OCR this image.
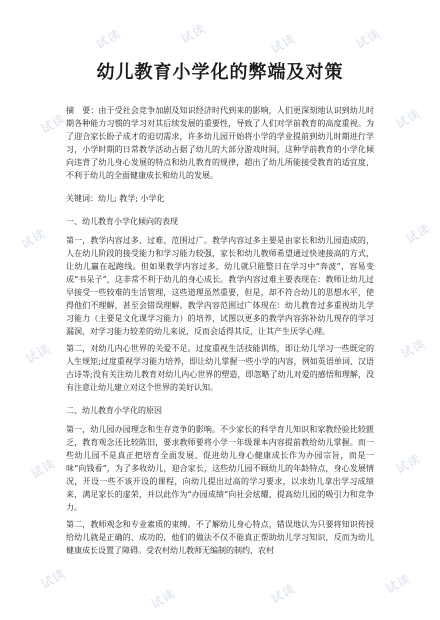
试读	试读	试读	试读
试读	试读
试读	试读
试读	试读
试读	试读
试读
试读	试读	试读
幼儿教育小学化的弊端及对策

摘　要：由于受社会竞争加剧及知识经济时代到来的影响，人们更深刻地认识到幼儿时期各种能力习惯的学习对其后续发展的重要性，导致了人们对学前教育的高度重视。为了迎合家长盼子成才的迫切需求，许多幼儿园开始将小学的学业提前到幼儿时期进行学习，小学时期的日常教学活动占据了幼儿的大部分游戏时间，这种学前教育的小学化倾向违背了幼儿身心发展的特点和幼儿教育的规律，超出了幼儿所能接受教育的适宜度，不利于幼儿的全面健康成长和幼儿的发展。

关键词：幼儿; 教学; 小学化

一、幼儿教育小学化倾向的表现

第一，教学内容过多、过难、范围过广。教学内容过多主要是由家长和幼儿园造成的，人在幼儿阶段的接受能力和学习能力较强，家长和幼儿教师希望通过快速接高的方式，让幼儿赢在起跑线。但如果教学内容过多，幼儿就只能整日在学习中“奔波”，容易变成“书呆子”，这非常不利于幼儿的身心成长。教学内容过难主要表现在：教师让幼儿过早接受一些较难的生活管理，这些道理虽然重要，但是，却不符合幼儿的思想水平，使得他们不理解，甚至会错误理解。教学内容范围过广体现在：幼儿教育过多重视幼儿学习能力（主要是文化课学习能力）的培养，试图以更多的教学内容弥补幼儿现存的学习漏洞，对学习能力较差的幼儿来说，反而会适得其反，让其产生厌学心理。

第二，对幼儿内心世界的关爱不足。过度重视生活技能训练，即让幼儿学习一些既定的人生规矩;过度重视学习能力培养，即让幼儿掌握一些小学的内容，例如英语单词、汉语古诗等;没有关注幼儿教育对幼儿内心世界的塑造，即忽略了幼儿对爱的感悟和理解，没有注意让幼儿建立对这个世界的美好认知。

二、幼儿教育小学化的原因

第一，幼儿园办园理念和生存竞争的影响。不少家长的科学育儿知识和家教经验比较匮乏，教育观念还比较陈旧，要求教师要将小学一年级课本内容提前教给幼儿掌握。而一些幼儿园不是真正把培育全面发展、促进幼儿身心健康成长作为办园宗旨，而是一味“向钱看”，为了多收幼儿，迎合家长，这些幼儿园不顾幼儿的年龄特点，身心发展情况，开设一些不该开设的课程，向幼儿提出过高的学习要求，以求幼儿拿出学习成绩来，满足家长的虚荣，并以此作为“办园成绩”向社会炫耀，提高幼儿园的吸引力和竞争力。

第二，教师观念和专业素质的束缚。不了解幼儿身心特点，错误地认为只要将知识传授给幼儿就是正确的、成功的，他们的做法不仅不能真正帮助幼儿学习知识，反而为幼儿健康成长设置了障碍。受农村幼儿教师无编制的制约，农村
